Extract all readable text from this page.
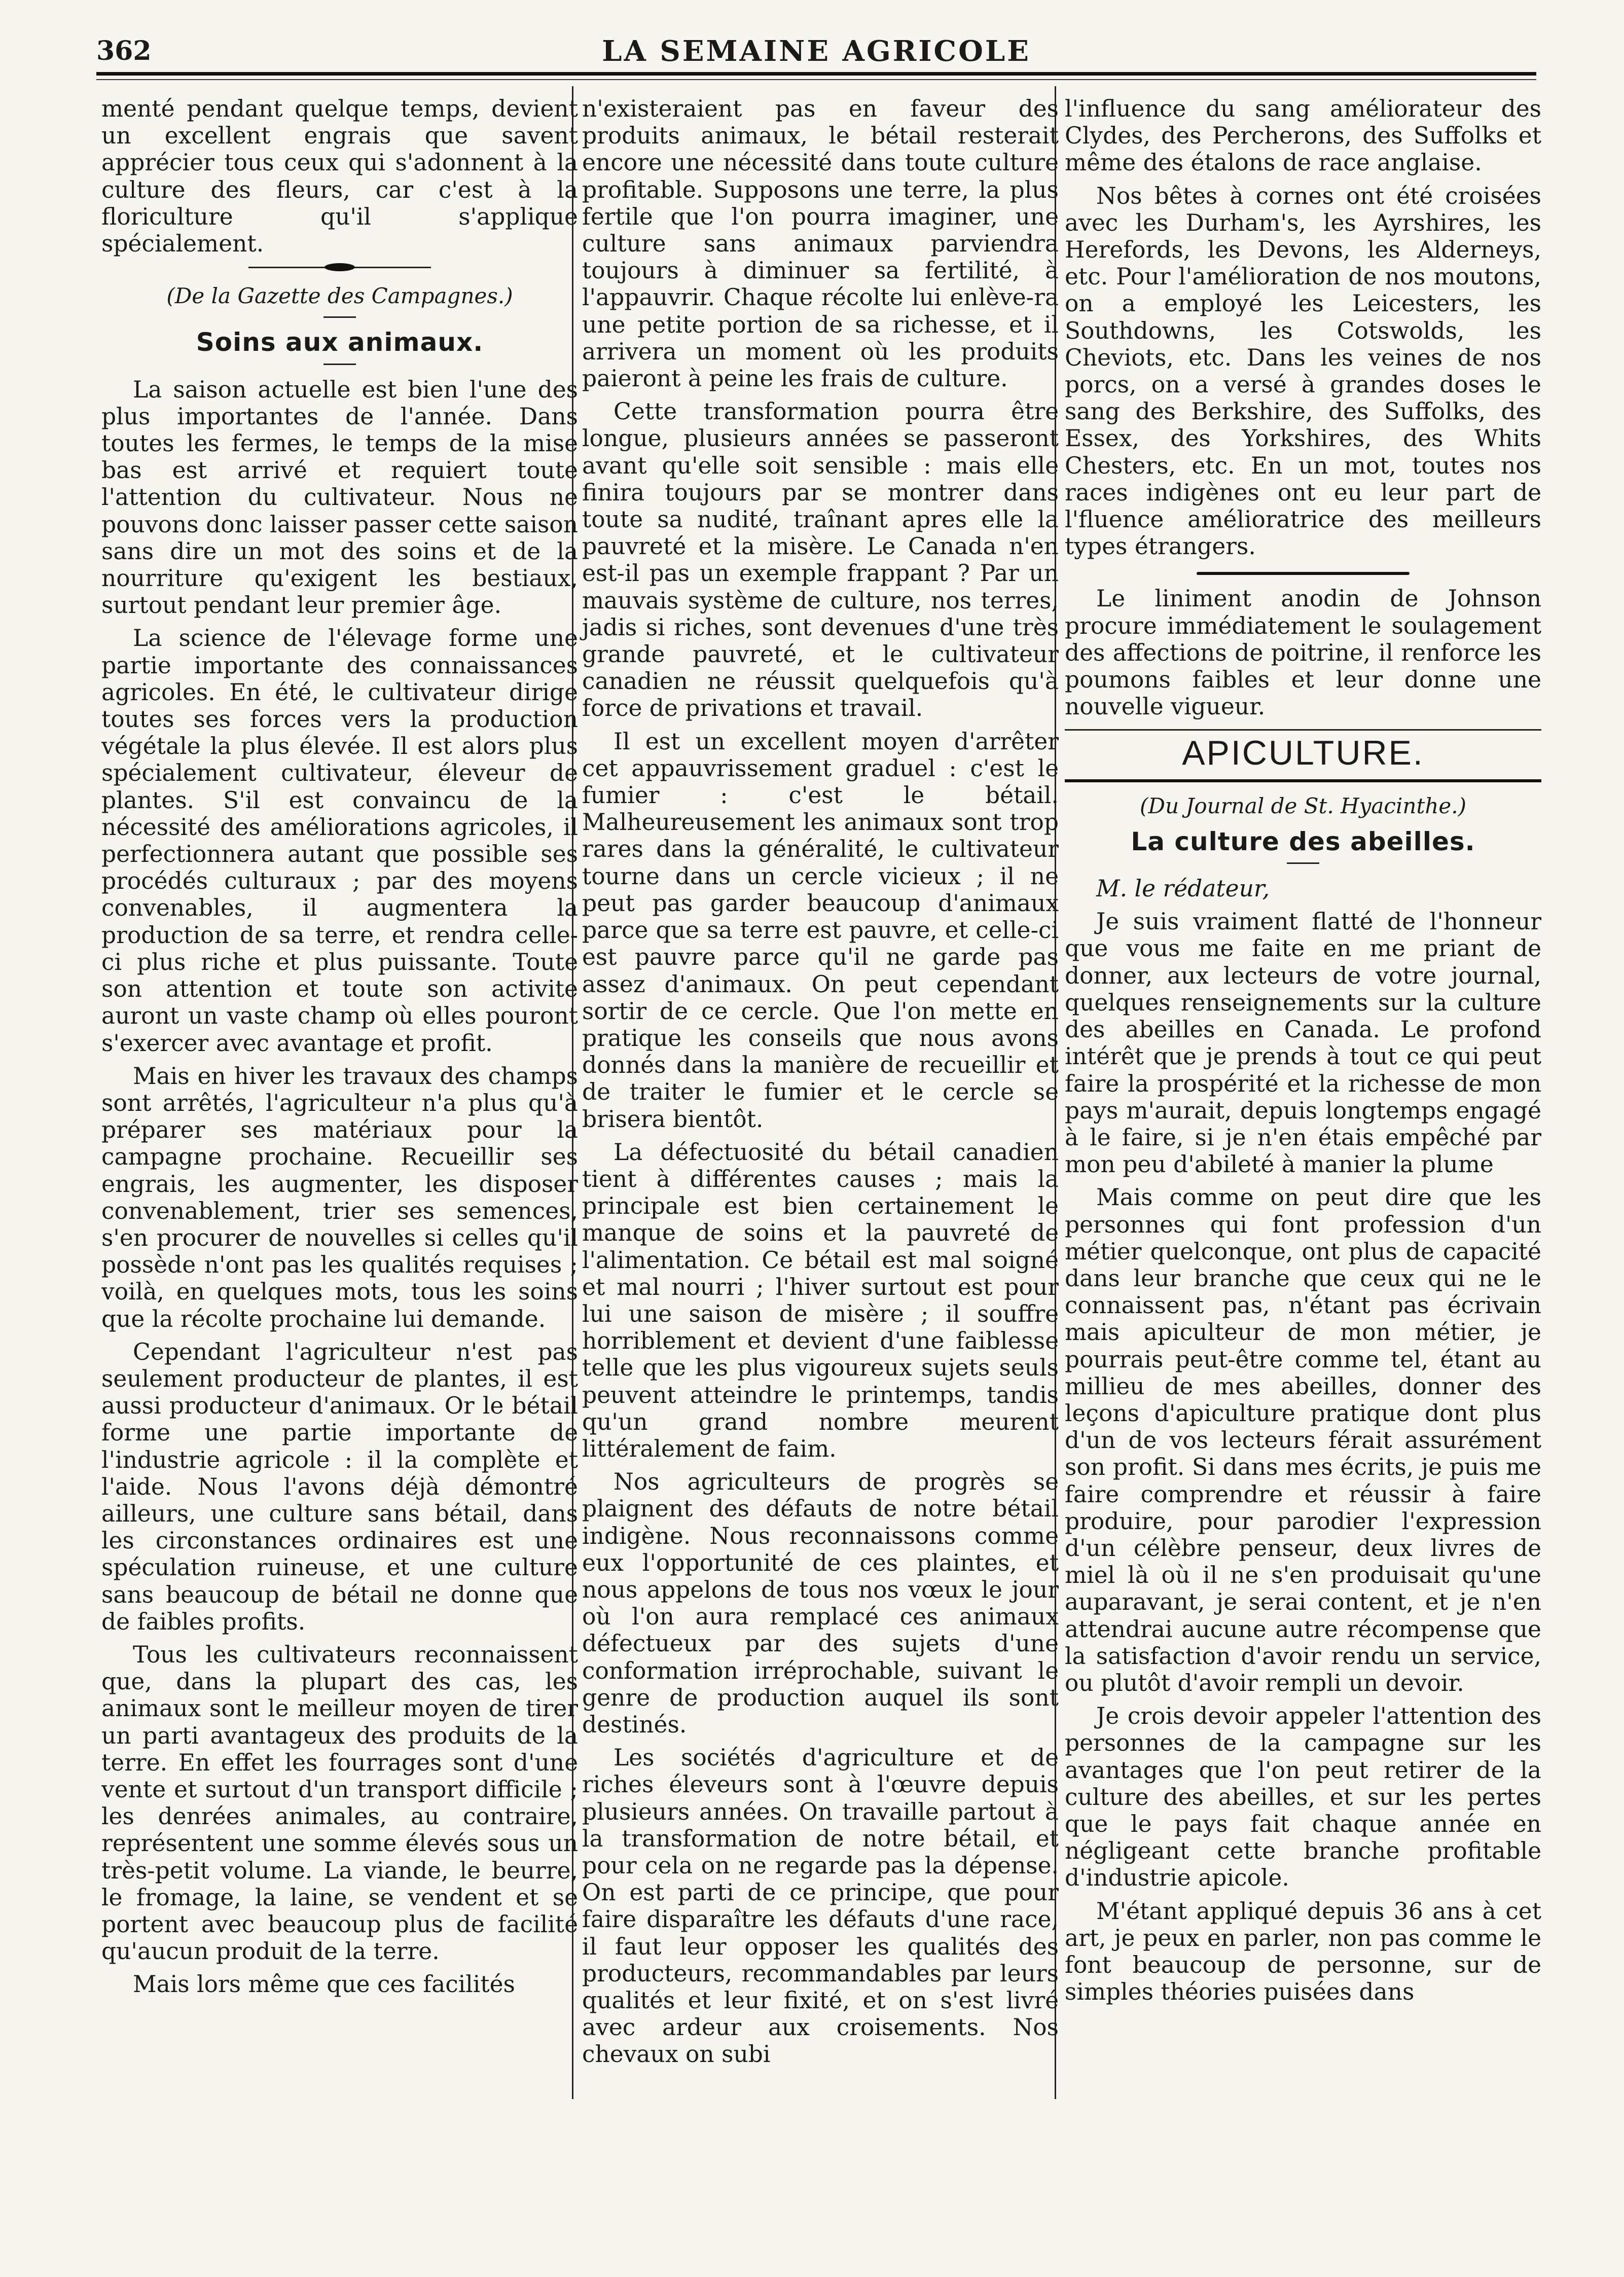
362	LA SEMAINE AGRICOLE

menté pendant quelque temps, devient un excellent engrais que savent apprécier tous ceux qui s'adonnent à la culture des fleurs, car c'est à la floriculture qu'il s'applique spécialement.

(De la Gazette des Campagnes.)
Soins aux animaux.

La saison actuelle est bien l'une des plus importantes de l'année. Dans toutes les fermes, le temps de la mise bas est arrivé et requiert toute l'attention du cultivateur. Nous ne pouvons donc laisser passer cette saison sans dire un mot des soins et de la nourriture qu'exigent les bestiaux, surtout pendant leur premier âge.

La science de l'élevage forme une partie importante des connaissances agricoles. En été, le cultivateur dirige toutes ses forces vers la production végétale la plus élevée. Il est alors plus spécialement cultivateur, éleveur de plantes. S'il est convaincu de la nécessité des améliorations agricoles, il perfectionnera autant que possible ses procédés culturaux ; par des moyens convenables, il augmentera la production de sa terre, et rendra celle-ci plus riche et plus puissante. Toute son attention et toute son activite auront un vaste champ où elles pouront s'exercer avec avantage et profit.

Mais en hiver les travaux des champs sont arrêtés, l'agriculteur n'a plus qu'à préparer ses matériaux pour la campagne prochaine. Recueillir ses engrais, les augmenter, les disposer convenablement, trier ses semences, s'en procurer de nouvelles si celles qu'il possède n'ont pas les qualités requises ; voilà, en quelques mots, tous les soins que la récolte prochaine lui demande.

Cependant l'agriculteur n'est pas seulement producteur de plantes, il est aussi producteur d'animaux. Or le bétail forme une partie importante de l'industrie agricole : il la complète et l'aide. Nous l'avons déjà démontré ailleurs, une culture sans bétail, dans les circonstances ordinaires est une spéculation ruineuse, et une culture sans beaucoup de bétail ne donne que de faibles profits.

Tous les cultivateurs reconnaissent que, dans la plupart des cas, les animaux sont le meilleur moyen de tirer un parti avantageux des produits de la terre. En effet les fourrages sont d'une vente et surtout d'un transport difficile ; les denrées animales, au contraire, représentent une somme élevés sous un très-petit volume. La viande, le beurre, le fromage, la laine, se vendent et se portent avec beaucoup plus de facilité qu'aucun produit de la terre.

Mais lors même que ces facilités

n'existeraient pas en faveur des produits animaux, le bétail resterait encore une nécessité dans toute culture profitable. Supposons une terre, la plus fertile que l'on pourra imaginer, une culture sans animaux parviendra toujours à diminuer sa fertilité, à l'appauvrir. Chaque récolte lui enlève-ra une petite portion de sa richesse, et il arrivera un moment où les produits paieront à peine les frais de culture.

Cette transformation pourra être longue, plusieurs années se passeront avant qu'elle soit sensible : mais elle finira toujours par se montrer dans toute sa nudité, traînant apres elle la pauvreté et la misère. Le Canada n'en est-il pas un exemple frappant ? Par un mauvais système de culture, nos terres, jadis si riches, sont devenues d'une très grande pauvreté, et le cultivateur canadien ne réussit quelquefois qu'à force de privations et travail.

Il est un excellent moyen d'arrêter cet appauvrissement graduel : c'est le fumier : c'est le bétail. Malheureusement les animaux sont trop rares dans la généralité, le cultivateur tourne dans un cercle vicieux ; il ne peut pas garder beaucoup d'animaux parce que sa terre est pauvre, et celle-ci est pauvre parce qu'il ne garde pas assez d'animaux. On peut cependant sortir de ce cercle. Que l'on mette en pratique les conseils que nous avons donnés dans la manière de recueillir et de traiter le fumier et le cercle se brisera bientôt.

La défectuosité du bétail canadien tient à différentes causes ; mais la principale est bien certainement le manque de soins et la pauvreté de l'alimentation. Ce bétail est mal soigné et mal nourri ; l'hiver surtout est pour lui une saison de misère ; il souffre horriblement et devient d'une faiblesse telle que les plus vigoureux sujets seuls peuvent atteindre le printemps, tandis qu'un grand nombre meurent littéralement de faim.

Nos agriculteurs de progrès se plaignent des défauts de notre bétail indigène. Nous reconnaissons comme eux l'opportunité de ces plaintes, et nous appelons de tous nos vœux le jour où l'on aura remplacé ces animaux défectueux par des sujets d'une conformation irréprochable, suivant le genre de production auquel ils sont destinés.

Les sociétés d'agriculture et de riches éleveurs sont à l'œuvre depuis plusieurs années. On travaille partout à la transformation de notre bétail, et pour cela on ne regarde pas la dépense. On est parti de ce principe, que pour faire disparaître les défauts d'une race, il faut leur opposer les qualités des producteurs, recommandables par leurs qualités et leur fixité, et on s'est livré avec ardeur aux croisements. Nos chevaux on subi

l'influence du sang améliorateur des Clydes, des Percherons, des Suffolks et même des étalons de race anglaise.

Nos bêtes à cornes ont été croisées avec les Durham's, les Ayrshires, les Herefords, les Devons, les Alderneys, etc. Pour l'amélioration de nos moutons, on a employé les Leicesters, les Southdowns, les Cotswolds, les Cheviots, etc. Dans les veines de nos porcs, on a versé à grandes doses le sang des Berkshire, des Suffolks, des Essex, des Yorkshires, des Whits Chesters, etc. En un mot, toutes nos races indigènes ont eu leur part de l'fluence amélioratrice des meilleurs types étrangers.

Le liniment anodin de Johnson procure immédiatement le soulagement des affections de poitrine, il renforce les poumons faibles et leur donne une nouvelle vigueur.

APICULTURE.
(Du Journal de St. Hyacinthe.)
La culture des abeilles.

M. le rédateur,

Je suis vraiment flatté de l'honneur que vous me faite en me priant de donner, aux lecteurs de votre journal, quelques renseignements sur la culture des abeilles en Canada. Le profond intérêt que je prends à tout ce qui peut faire la prospérité et la richesse de mon pays m'aurait, depuis longtemps engagé à le faire, si je n'en étais empêché par mon peu d'abileté à manier la plume

Mais comme on peut dire que les personnes qui font profession d'un métier quelconque, ont plus de capacité dans leur branche que ceux qui ne le connaissent pas, n'étant pas écrivain mais apiculteur de mon métier, je pourrais peut-être comme tel, étant au millieu de mes abeilles, donner des leçons d'apiculture pratique dont plus d'un de vos lecteurs férait assurément son profit. Si dans mes écrits, je puis me faire comprendre et réussir à faire produire, pour parodier l'expression d'un célèbre penseur, deux livres de miel là où il ne s'en produisait qu'une auparavant, je serai content, et je n'en attendrai aucune autre récompense que la satisfaction d'avoir rendu un service, ou plutôt d'avoir rempli un devoir.

Je crois devoir appeler l'attention des personnes de la campagne sur les avantages que l'on peut retirer de la culture des abeilles, et sur les pertes que le pays fait chaque année en négligeant cette branche profitable d'industrie apicole.

M'étant appliqué depuis 36 ans à cet art, je peux en parler, non pas comme le font beaucoup de personne, sur de simples théories puisées dans
